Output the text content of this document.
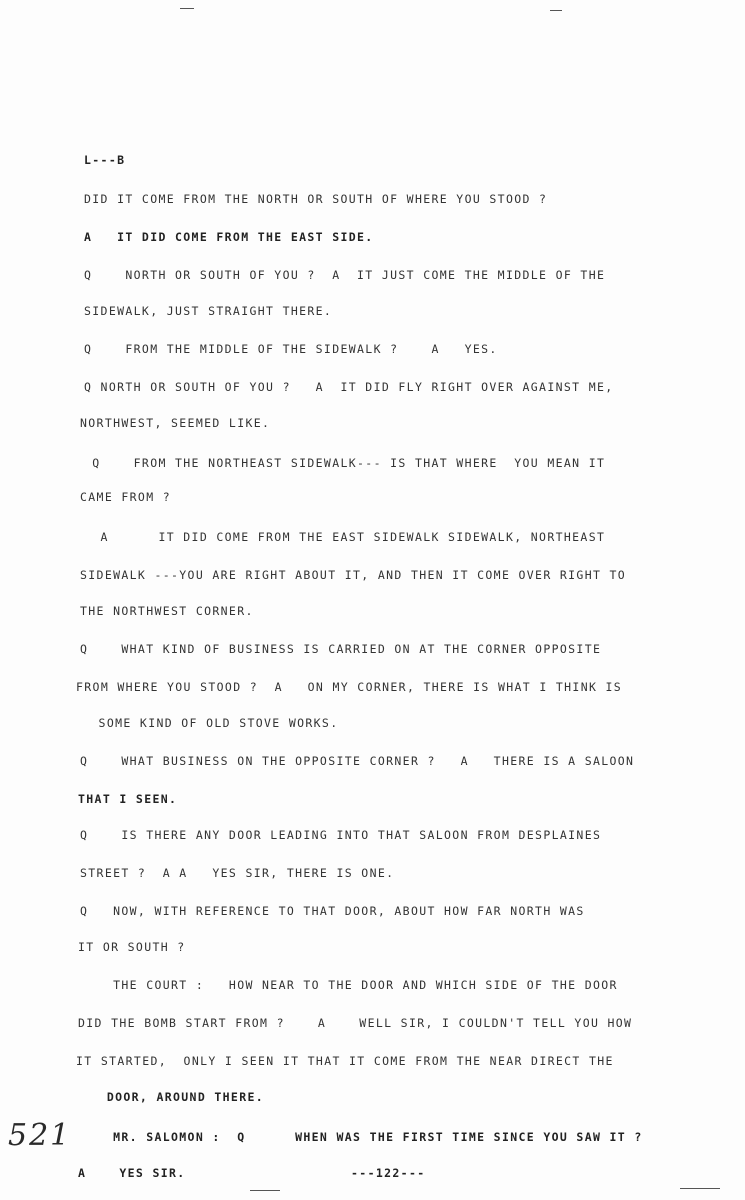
L---B
DID IT COME FROM THE NORTH OR SOUTH OF WHERE YOU STOOD ?
A   IT DID COME FROM THE EAST SIDE.
Q    NORTH OR SOUTH OF YOU ?  A  IT JUST COME THE MIDDLE OF THE
SIDEWALK, JUST STRAIGHT THERE.
Q    FROM THE MIDDLE OF THE SIDEWALK ?    A   YES.
Q NORTH OR SOUTH OF YOU ?   A  IT DID FLY RIGHT OVER AGAINST ME,
NORTHWEST, SEEMED LIKE.
Q    FROM THE NORTHEAST SIDEWALK--- IS THAT WHERE  YOU MEAN IT
CAME FROM ?
A      IT DID COME FROM THE EAST SIDEWALK SIDEWALK, NORTHEAST
SIDEWALK ---YOU ARE RIGHT ABOUT IT, AND THEN IT COME OVER RIGHT TO
THE NORTHWEST CORNER.
Q    WHAT KIND OF BUSINESS IS CARRIED ON AT THE CORNER OPPOSITE
FROM WHERE YOU STOOD ?  A   ON MY CORNER, THERE IS WHAT I THINK IS
SOME KIND OF OLD STOVE WORKS.
Q    WHAT BUSINESS ON THE OPPOSITE CORNER ?   A   THERE IS A SALOON
THAT I SEEN.
Q    IS THERE ANY DOOR LEADING INTO THAT SALOON FROM DESPLAINES
STREET ?  A A   YES SIR, THERE IS ONE.
Q   NOW, WITH REFERENCE TO THAT DOOR, ABOUT HOW FAR NORTH WAS
IT OR SOUTH ?
THE COURT :   HOW NEAR TO THE DOOR AND WHICH SIDE OF THE DOOR
DID THE BOMB START FROM ?    A    WELL SIR, I COULDN'T TELL YOU HOW
IT STARTED,  ONLY I SEEN IT THAT IT COME FROM THE NEAR DIRECT THE
DOOR, AROUND THERE.
MR. SALOMON :  Q      WHEN WAS THE FIRST TIME SINCE YOU SAW IT ?
A    YES SIR.                    ---122---
521
